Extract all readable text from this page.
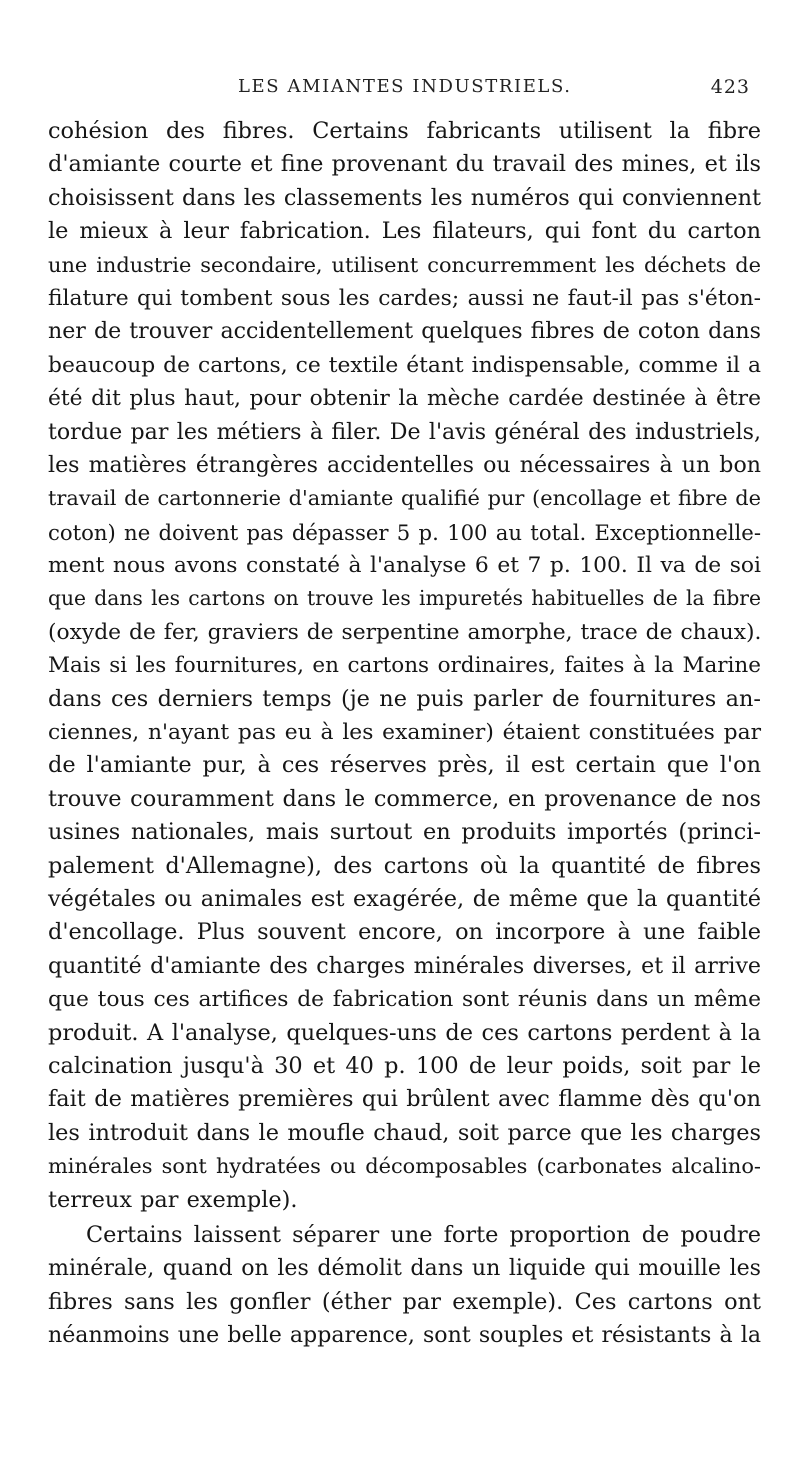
LES AMIANTES INDUSTRIELS.	423
cohésion des fibres. Certains fabricants utilisent la fibre
d'amiante courte et fine provenant du travail des mines, et ils
choisissent dans les classements les numéros qui conviennent
le mieux à leur fabrication. Les filateurs, qui font du carton
une industrie secondaire, utilisent concurremment les déchets de
filature qui tombent sous les cardes; aussi ne faut-il pas s'éton-
ner de trouver accidentellement quelques fibres de coton dans
beaucoup de cartons, ce textile étant indispensable, comme il a
été dit plus haut, pour obtenir la mèche cardée destinée à être
tordue par les métiers à filer. De l'avis général des industriels,
les matières étrangères accidentelles ou nécessaires à un bon
travail de cartonnerie d'amiante qualifié pur (encollage et fibre de
coton) ne doivent pas dépasser 5 p. 100 au total. Exceptionnelle-
ment nous avons constaté à l'analyse 6 et 7 p. 100. Il va de soi
que dans les cartons on trouve les impuretés habituelles de la fibre
(oxyde de fer, graviers de serpentine amorphe, trace de chaux).
Mais si les fournitures, en cartons ordinaires, faites à la Marine
dans ces derniers temps (je ne puis parler de fournitures an-
ciennes, n'ayant pas eu à les examiner) étaient constituées par
de l'amiante pur, à ces réserves près, il est certain que l'on
trouve couramment dans le commerce, en provenance de nos
usines nationales, mais surtout en produits importés (princi-
palement d'Allemagne), des cartons où la quantité de fibres
végétales ou animales est exagérée, de même que la quantité
d'encollage. Plus souvent encore, on incorpore à une faible
quantité d'amiante des charges minérales diverses, et il arrive
que tous ces artifices de fabrication sont réunis dans un même
produit. A l'analyse, quelques-uns de ces cartons perdent à la
calcination jusqu'à 30 et 40 p. 100 de leur poids, soit par le
fait de matières premières qui brûlent avec flamme dès qu'on
les introduit dans le moufle chaud, soit parce que les charges
minérales sont hydratées ou décomposables (carbonates alcalino-
terreux par exemple).
Certains laissent séparer une forte proportion de poudre
minérale, quand on les démolit dans un liquide qui mouille les
fibres sans les gonfler (éther par exemple). Ces cartons ont
néanmoins une belle apparence, sont souples et résistants à la
